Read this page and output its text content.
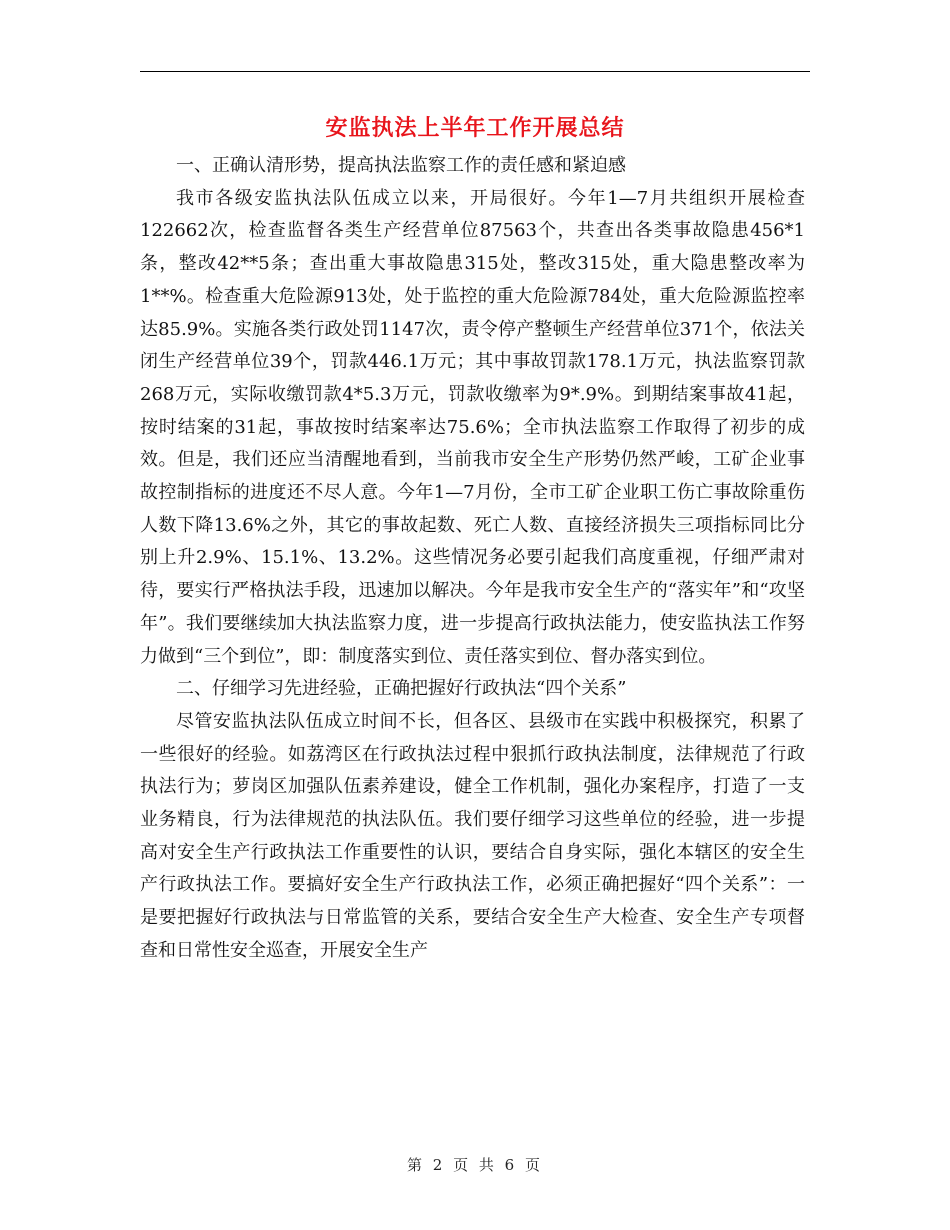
安监执法上半年工作开展总结

一、正确认清形势，提高执法监察工作的责任感和紧迫感

我市各级安监执法队伍成立以来，开局很好。今年1—7月共组织开展检查122662次，检查监督各类生产经营单位87563个，共查出各类事故隐患456*1条，整改42**5条；查出重大事故隐患315处，整改315处，重大隐患整改率为1**%。检查重大危险源913处，处于监控的重大危险源784处，重大危险源监控率达85.9%。实施各类行政处罚1147次，责令停产整顿生产经营单位371个，依法关闭生产经营单位39个，罚款446.1万元；其中事故罚款178.1万元，执法监察罚款268万元，实际收缴罚款4*5.3万元，罚款收缴率为9*.9%。到期结案事故41起，按时结案的31起，事故按时结案率达75.6%；全市执法监察工作取得了初步的成效。但是，我们还应当清醒地看到，当前我市安全生产形势仍然严峻，工矿企业事故控制指标的进度还不尽人意。今年1—7月份，全市工矿企业职工伤亡事故除重伤人数下降13.6%之外，其它的事故起数、死亡人数、直接经济损失三项指标同比分别上升2.9%、15.1%、13.2%。这些情况务必要引起我们高度重视，仔细严肃对待，要实行严格执法手段，迅速加以解决。今年是我市安全生产的“落实年”和“攻坚年”。我们要继续加大执法监察力度，进一步提高行政执法能力，使安监执法工作努力做到“三个到位”，即：制度落实到位、责任落实到位、督办落实到位。

二、仔细学习先进经验，正确把握好行政执法“四个关系”

尽管安监执法队伍成立时间不长，但各区、县级市在实践中积极探究，积累了一些很好的经验。如荔湾区在行政执法过程中狠抓行政执法制度，法律规范了行政执法行为；萝岗区加强队伍素养建设，健全工作机制，强化办案程序，打造了一支业务精良，行为法律规范的执法队伍。我们要仔细学习这些单位的经验，进一步提高对安全生产行政执法工作重要性的认识，要结合自身实际，强化本辖区的安全生产行政执法工作。要搞好安全生产行政执法工作，必须正确把握好“四个关系”：一是要把握好行政执法与日常监管的关系，要结合安全生产大检查、安全生产专项督查和日常性安全巡查，开展安全生产

第 2 页 共 6 页
